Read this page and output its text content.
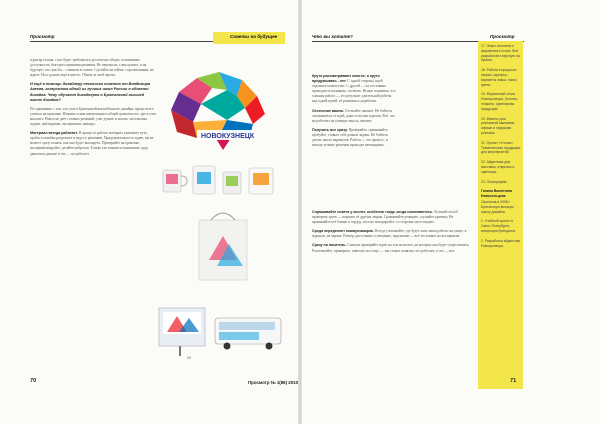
Просмотр	Советы на будущее

в разгар сезона, с вас будет требоваться достаточно общих, основанных доступности, быстрого принятия решения. Не переносят, с выслушать, и на будущее, что, как бы... слишком в голове. Сделайте на сейчас с прочитанным, не ждите. Но и думать ещё в ком-то. Объём за свой проект.

И ещё в помощь дизайнеру несколько советов от Владимира Агеева, выпускника одной из лучших школ России в области дизайна. Чему обучают дизайнеров в Британской высшей школе дизайна?

По сравнению с тем, что учат в Британской высшей школе дизайна, проще всего учиться на практике. Помимо основ композиции и общей грамотности, здесь учат мыслить. Никто не даёт готовых решений, учат думать и искать: постановка задачи, наблюдение, эксперимент, выводы.

Материал всегда работает. В процессе работы материал указывает путь, пробы и ошибки разделяют и ведут к решению. Придумав какую-то идею, вы не можете сразу понять, как она будет выглядеть. Проверяйте на практике, экспериментируйте, делайте наброски. Только так появится понимание, куда двигаться дальше и что — не работает.

НОВОКУЗНЕЦК
19
Что вы хотите?	Просмотр

Круто рассматривают многое, а круто придумывать - нет. С одной стороны, идей огромное количество. С другой — их постоянно приходится оценивать, отсекать. Нужно понимать, что сильная работа — это результат длительной работы над одной идеей, её развития и доработки.

Отсечение важно. Отсекайте лишнее. Не бойтесь отказываться от идей, даже если они хороши. Всё, что не работает на главную мысль, мешает.

Получать все сразу. Проверяйте, сравнивайте, пробуйте, ставьте себе разные задачи. Не бойтесь делать много вариантов. Работа — это процесс, и иногда лучшие решения приходят неожиданно.

Спрашивайте совета у коллег, особенно тогда, когда сомневаетесь. Лучший способ проверить идею — показать её другим людям. Сравнивайте реакцию, слушайте критику. Не принимайте всё близко к сердцу, но и не игнорируйте: со стороны часто виднее.

Среда определяет коммуникацию. Всегда учитывайте, где будет жить ваша работа: на улице, в журнале, на экране. Размер, расстояние, освещение, окружение — всё это влияет на восприятие.

Сразу на носитель. Сначала проверяйте идею на том носителе, на котором она будет существовать. Распечатайте, примерьте, повесьте на стену — так станет понятно, что работает, а что — нет.

17. Эскиз логотипа и фирменного стиля. Всё разработано вручную на бумаге.

18. Работа в процессе: эскизы, шрифты, варианты знака, поиск цвета.

19. Фирменный стиль Новокузнецка. Логотип, плакаты, сувенирная продукция.

20. Макеты для рекламной кампании, афиши и наружная реклама.

21. Проект «Уголок». Тематическая продукция для мероприятий.

22. Айдентика для выставки, открытки и сувениры.

23. Полиграфия.

Галина Валентина Новосельцева

Окончила в 2008 г. Британскую высшую школу дизайна.

1. Учебный проект в Санкт-Петербурге, концепция брендинга.

2. Разработка айдентики Новокузнецка.

70	Просмотр № 1(86) 2010	71
